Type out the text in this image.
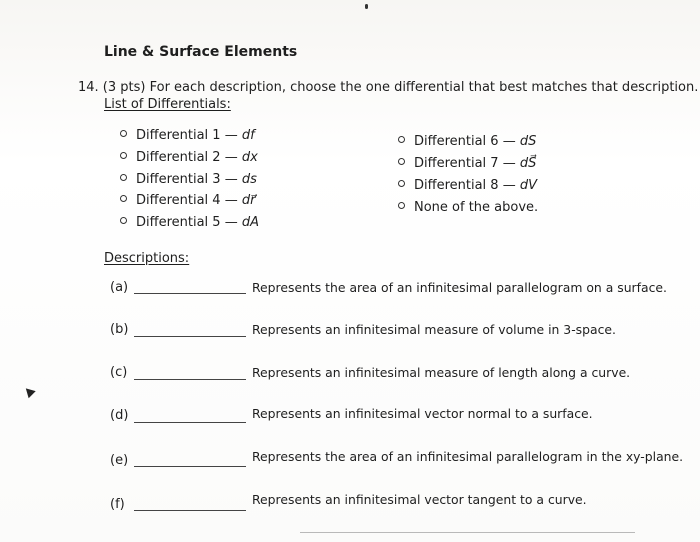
Line & Surface Elements
14. (3 pts) For each description, choose the one differential that best matches that description.
List of Differentials:
Differential 1 — df
Differential 2 — dx
Differential 3 — ds
Differential 4 — dr⃗
Differential 5 — dA
Differential 6 — dS
Differential 7 — dS⃗
Differential 8 — dV
None of the above.
Descriptions:
(a)	Represents the area of an infinitesimal parallelogram on a surface.
(b)	Represents an infinitesimal measure of volume in 3-space.
(c)	Represents an infinitesimal measure of length along a curve.
(d)	Represents an infinitesimal vector normal to a surface.
(e)	Represents the area of an infinitesimal parallelogram in the xy-plane.
(f)	Represents an infinitesimal vector tangent to a curve.
